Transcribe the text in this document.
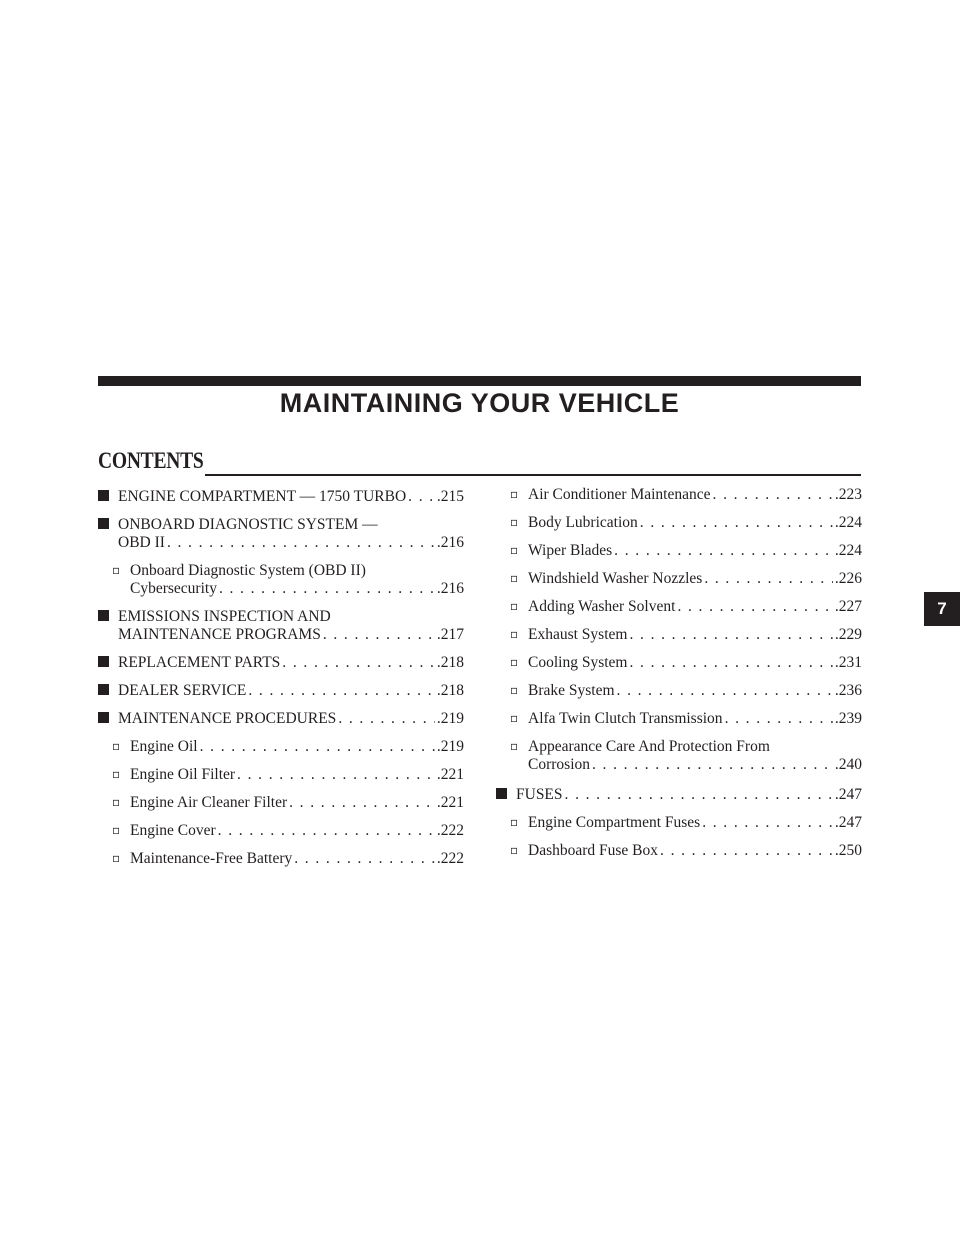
MAINTAINING YOUR VEHICLE
CONTENTS
ENGINE COMPARTMENT — 1750 TURBO . . . .215
ONBOARD DIAGNOSTIC SYSTEM —
OBD II . . .	.216
▫ Onboard Diagnostic System (OBD II)
Cybersecurity . . .	.216
EMISSIONS INSPECTION AND
MAINTENANCE PROGRAMS . . .	.217
REPLACEMENT PARTS . . .	.218
DEALER SERVICE . . .	.218
MAINTENANCE PROCEDURES . . .	.219
▫ Engine Oil . . .	.219
▫ Engine Oil Filter . . .	.221
▫ Engine Air Cleaner Filter . . .	.221
▫ Engine Cover . . .	.222
▫ Maintenance-Free Battery . . .	.222
▫ Air Conditioner Maintenance . . .	.223
▫ Body Lubrication . . .	.224
▫ Wiper Blades . . .	.224
▫ Windshield Washer Nozzles . . .	.226
▫ Adding Washer Solvent . . .	.227
▫ Exhaust System . . .	.229
▫ Cooling System . . .	.231
▫ Brake System . . .	.236
▫ Alfa Twin Clutch Transmission . . .	.239
▫ Appearance Care And Protection From
Corrosion . . .	.240
FUSES . . .	.247
▫ Engine Compartment Fuses . . .	.247
▫ Dashboard Fuse Box . . .	.250
7
